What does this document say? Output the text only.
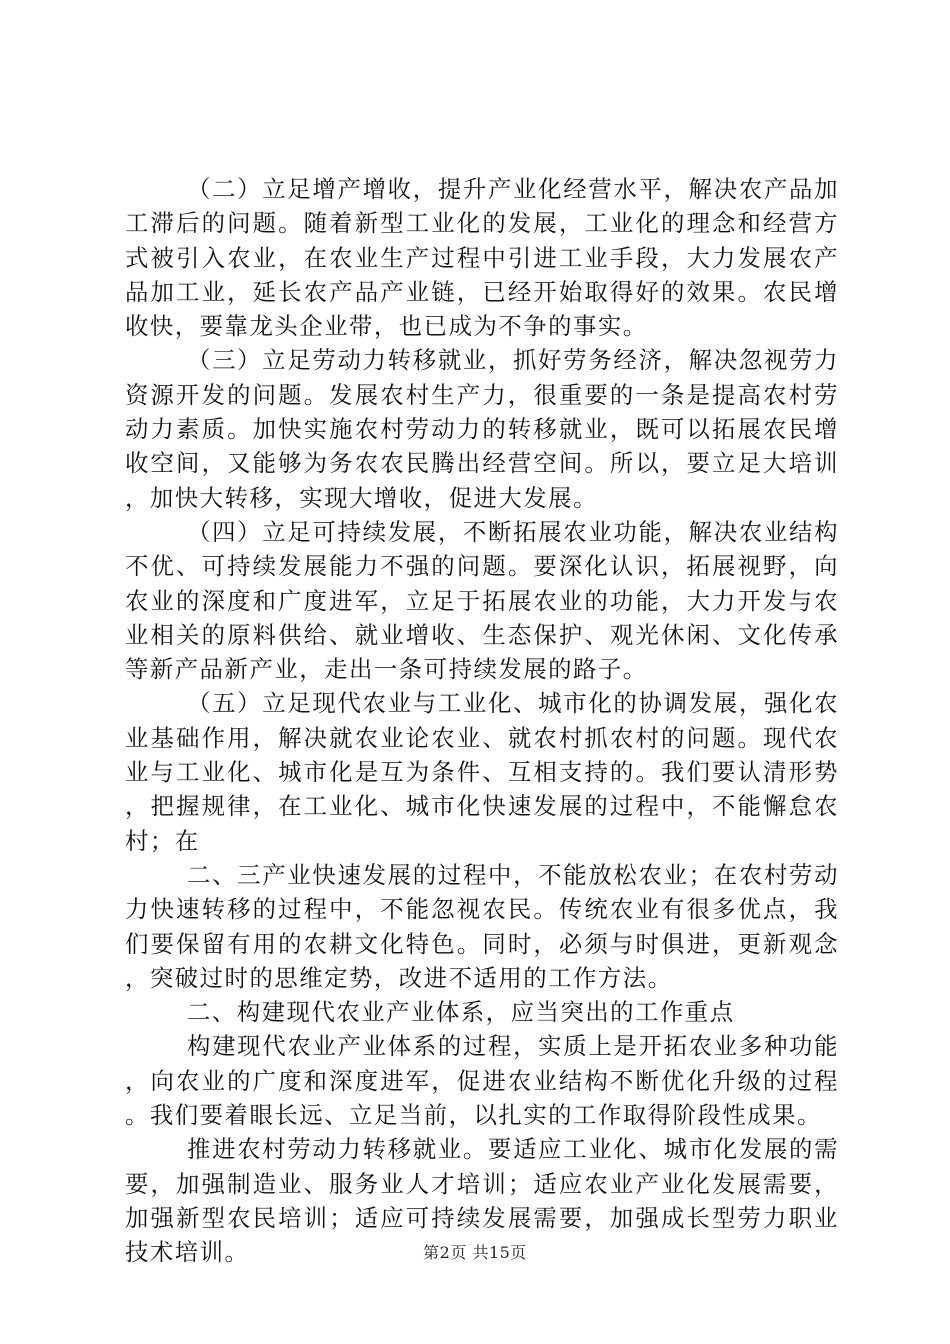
（二）立足增产增收，提升产业化经营水平，解决农产品加工滞后的问题。随着新型工业化的发展，工业化的理念和经营方式被引入农业，在农业生产过程中引进工业手段，大力发展农产品加工业，延长农产品产业链，已经开始取得好的效果。农民增收快，要靠龙头企业带，也已成为不争的事实。

（三）立足劳动力转移就业，抓好劳务经济，解决忽视劳力资源开发的问题。发展农村生产力，很重要的一条是提高农村劳动力素质。加快实施农村劳动力的转移就业，既可以拓展农民增收空间，又能够为务农农民腾出经营空间。所以，要立足大培训，加快大转移，实现大增收，促进大发展。

（四）立足可持续发展，不断拓展农业功能，解决农业结构不优、可持续发展能力不强的问题。要深化认识，拓展视野，向农业的深度和广度进军，立足于拓展农业的功能，大力开发与农业相关的原料供给、就业增收、生态保护、观光休闲、文化传承等新产品新产业，走出一条可持续发展的路子。

（五）立足现代农业与工业化、城市化的协调发展，强化农业基础作用，解决就农业论农业、就农村抓农村的问题。现代农业与工业化、城市化是互为条件、互相支持的。我们要认清形势，把握规律，在工业化、城市化快速发展的过程中，不能懈怠农村；在

二、三产业快速发展的过程中，不能放松农业；在农村劳动力快速转移的过程中，不能忽视农民。传统农业有很多优点，我们要保留有用的农耕文化特色。同时，必须与时俱进，更新观念，突破过时的思维定势，改进不适用的工作方法。

二、构建现代农业产业体系，应当突出的工作重点

构建现代农业产业体系的过程，实质上是开拓农业多种功能，向农业的广度和深度进军，促进农业结构不断优化升级的过程。我们要着眼长远、立足当前，以扎实的工作取得阶段性成果。

推进农村劳动力转移就业。要适应工业化、城市化发展的需要，加强制造业、服务业人才培训；适应农业产业化发展需要，加强新型农民培训；适应可持续发展需要，加强成长型劳力职业技术培训。	第2页 共15页
